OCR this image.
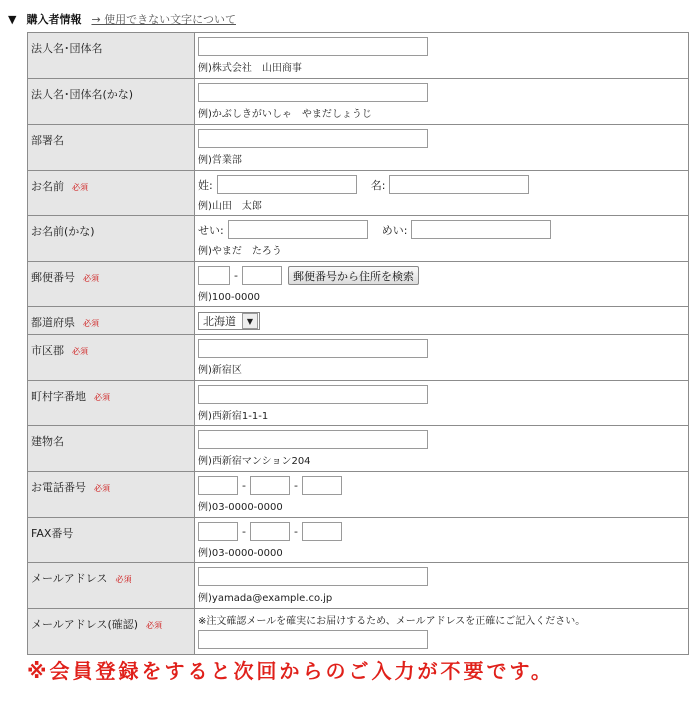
▼ 購入者情報 → 使用できない文字について
法人名･団体名	例)株式会社　山田商事

法人名･団体名(かな)	例)かぶしきがいしゃ　やまだしょうじ

部署名	例)営業部

お名前 必須	姓: 名:
例)山田　太郎

お名前(かな)	せい: めい:
例)やまだ　たろう

郵便番号 必須	- 郵便番号から住所を検索
例)100-0000

都道府県 必須	北海道 ▼

市区郡 必須	例)新宿区

町村字番地 必須	例)西新宿1-1-1

建物名	例)西新宿マンション204

お電話番号 必須	- -
例)03-0000-0000

FAX番号	- -
例)03-0000-0000

メールアドレス 必須	例)yamada@example.co.jp

メールアドレス(確認) 必須	※注文確認メールを確実にお届けするため、メールアドレスを正確にご記入ください。
※会員登録をすると次回からのご入力が不要です。
